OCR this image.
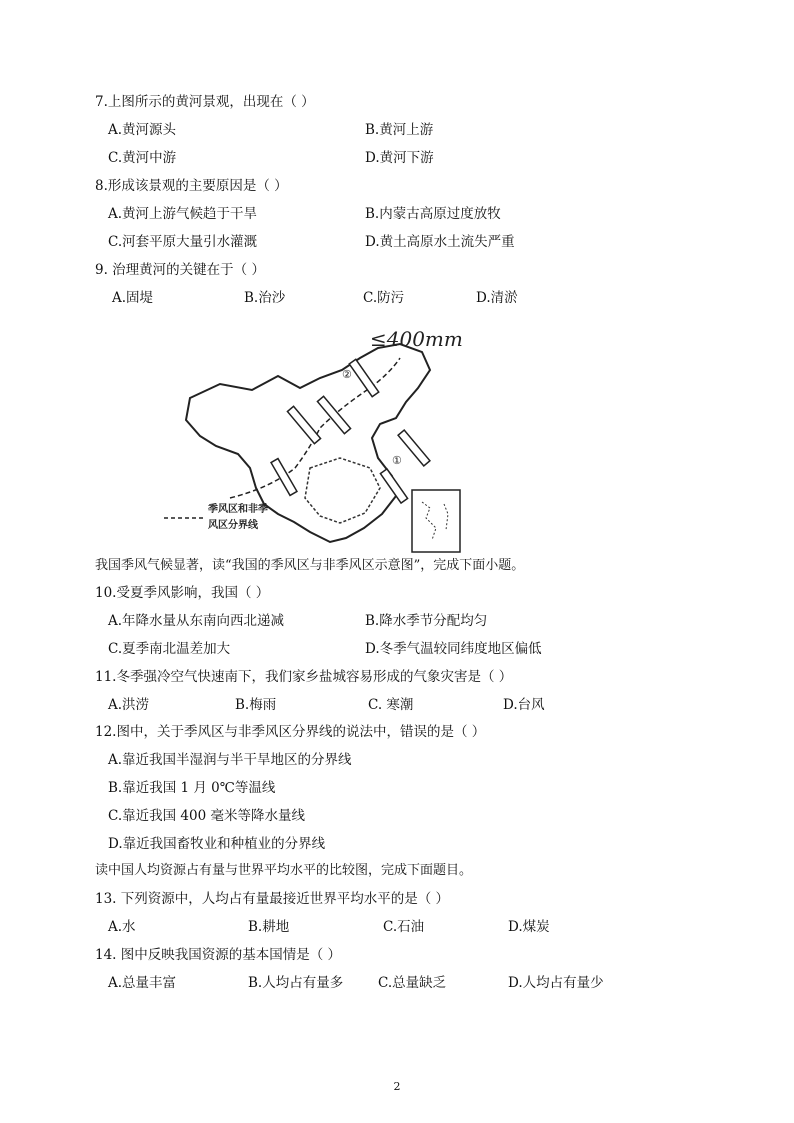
7.上图所示的黄河景观，出现在（ ）
A.黄河源头	B.黄河上游
C.黄河中游	D.黄河下游
8.形成该景观的主要原因是（ ）
A.黄河上游气候趋于干旱	B.内蒙古高原过度放牧
C.河套平原大量引水灌溉	D.黄土高原水土流失严重
9. 治理黄河的关键在于（ ）
A.固堤	B.治沙	C.防污	D.清淤
≤400mm
②
①
季风区和非季
风区分界线
我国季风气候显著，读“我国的季风区与非季风区示意图”，完成下面小题。
10.受夏季风影响，我国（ ）
A.年降水量从东南向西北递减	B.降水季节分配均匀
C.夏季南北温差加大	D.冬季气温较同纬度地区偏低
11.冬季强冷空气快速南下，我们家乡盐城容易形成的气象灾害是（ ）
A.洪涝	B.梅雨	C. 寒潮	D.台风
12.图中，关于季风区与非季风区分界线的说法中，错误的是（ ）
A.靠近我国半湿润与半干旱地区的分界线
B.靠近我国 1 月 0℃等温线
C.靠近我国 400 毫米等降水量线
D.靠近我国畜牧业和种植业的分界线
读中国人均资源占有量与世界平均水平的比较图，完成下面题目。
13. 下列资源中，人均占有量最接近世界平均水平的是（ ）
A.水	B.耕地	C.石油	D.煤炭
14. 图中反映我国资源的基本国情是（ ）
A.总量丰富	B.人均占有量多	C.总量缺乏	D.人均占有量少
2
